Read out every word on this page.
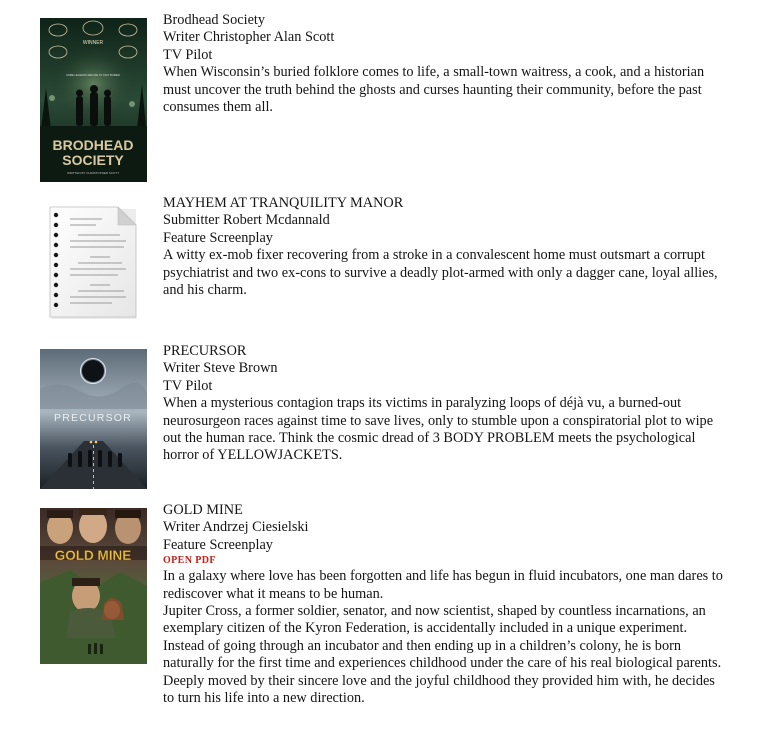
WINNER
SOME LEGENDS REFUSE TO STAY BURIED
BRODHEAD
SOCIETY
WRITTEN BY CHRISTOPHER SCOTT
Brodhead Society
Writer Christopher Alan Scott
TV Pilot
When Wisconsin’s buried folklore comes to life, a small-town waitress, a cook, and a historian must uncover the truth behind the ghosts and curses haunting their community, before the past consumes them all.
MAYHEM AT TRANQUILITY MANOR
Submitter Robert Mcdannald
Feature Screenplay
A witty ex-mob fixer recovering from a stroke in a convalescent home must outsmart a corrupt psychiatrist and two ex-cons to survive a deadly plot-armed with only a dagger cane, loyal allies, and his charm.
PRECURSOR
PRECURSOR
Writer Steve Brown
TV Pilot
When a mysterious contagion traps its victims in paralyzing loops of déjà vu, a burned-out neurosurgeon races against time to save lives, only to stumble upon a conspiratorial plot to wipe out the human race. Think the cosmic dread of 3 BODY PROBLEM meets the psychological horror of YELLOWJACKETS.
GOLD MINE
GOLD MINE
Writer Andrzej Ciesielski
Feature Screenplay
OPEN PDF
In a galaxy where love has been forgotten and life has begun in fluid incubators, one man dares to rediscover what it means to be human.
Jupiter Cross, a former soldier, senator, and now scientist, shaped by countless incarnations, an exemplary citizen of the Kyron Federation, is accidentally included in a unique experiment. Instead of going through an incubator and then ending up in a children’s colony, he is born naturally for the first time and experiences childhood under the care of his real biological parents.
Deeply moved by their sincere love and the joyful childhood they provided him with, he decides to turn his life into a new direction.
